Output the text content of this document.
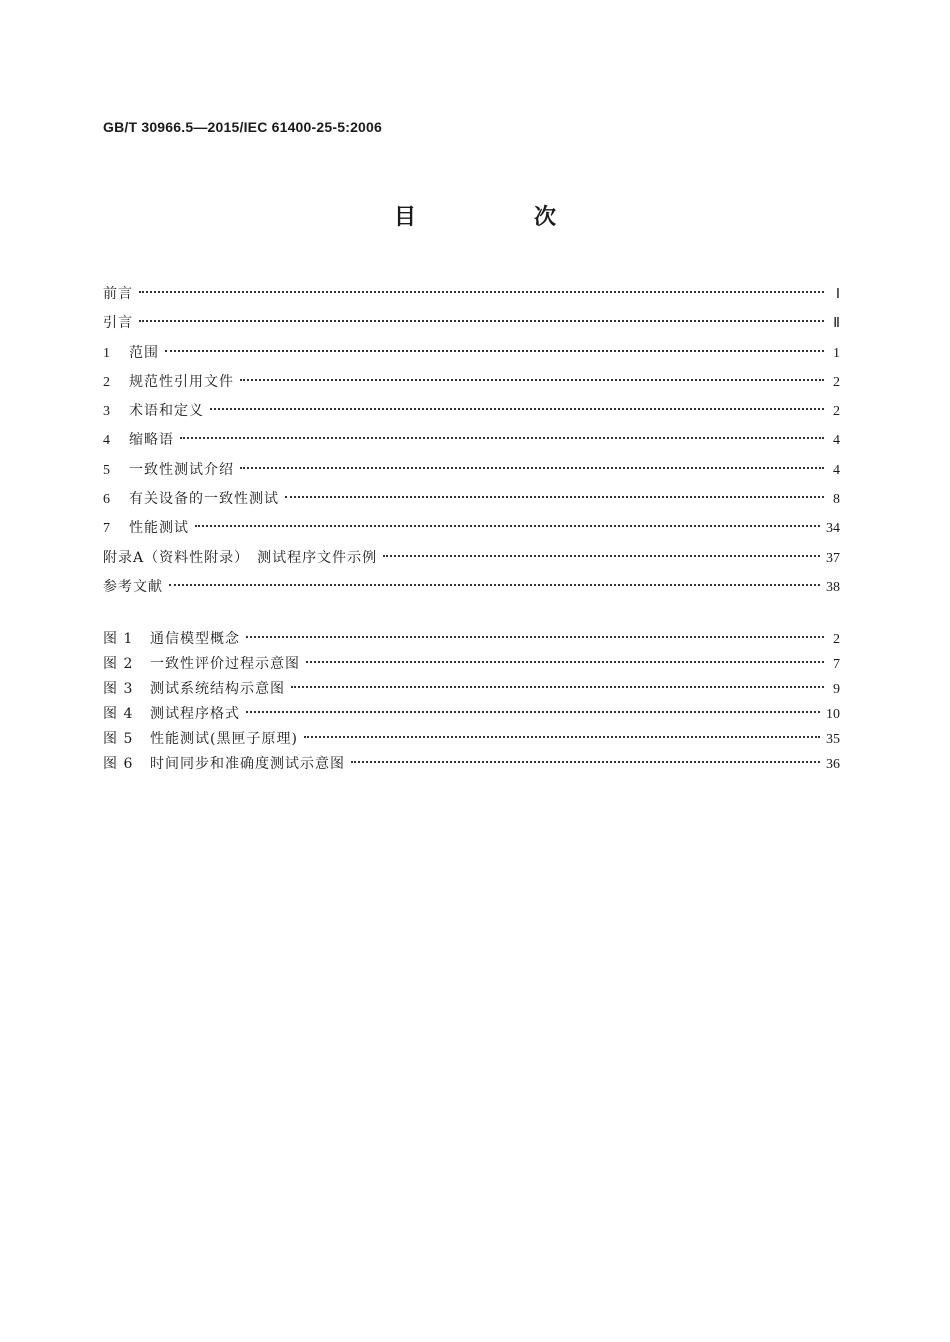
GB/T 30966.5—2015/IEC 61400-25-5:2006
目　次
前言	Ⅰ
引言	Ⅱ
1 范围	1
2 规范性引用文件	2
3 术语和定义	2
4 缩略语	4
5 一致性测试介绍	4
6 有关设备的一致性测试	8
7 性能测试	34
附录A（资料性附录）　测试程序文件示例	37
参考文献	38
图 1 通信模型概念	2
图 2 一致性评价过程示意图	7
图 3 测试系统结构示意图	9
图 4 测试程序格式	10
图 5 性能测试(黑匣子原理)	35
图 6 时间同步和准确度测试示意图	36
